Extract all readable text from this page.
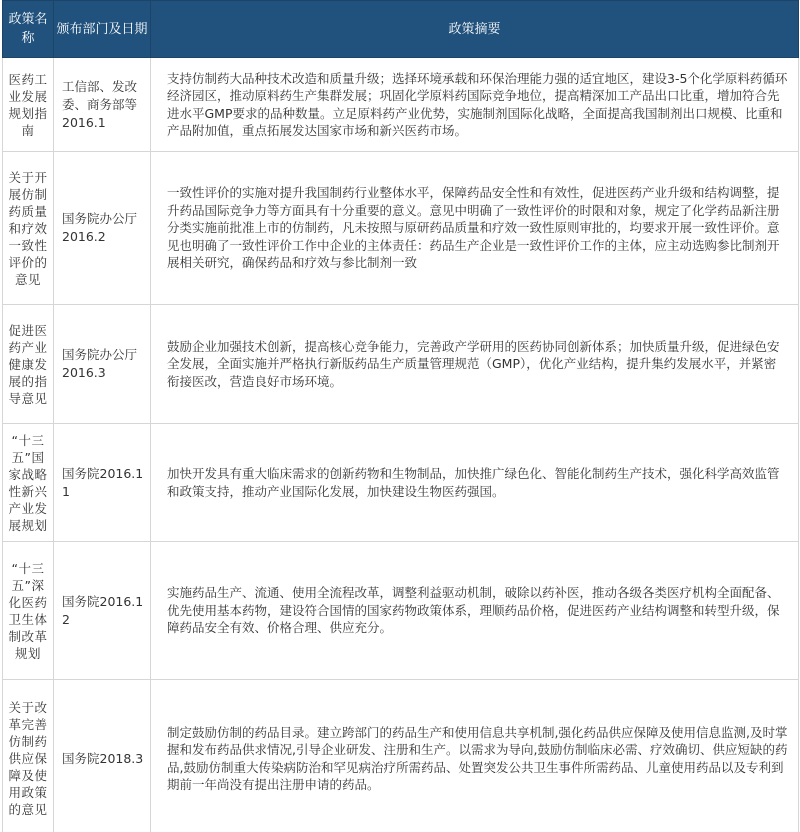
政策名称	颁布部门及日期	政策摘要
医药工业发展规划指南	工信部、发改委、商务部等2016.1	支持仿制药大品种技术改造和质量升级；选择环境承载和环保治理能力强的适宜地区，建设3-5个化学原料药循环经济园区，推动原料药生产集群发展；巩固化学原料药国际竞争地位，提高精深加工产品出口比重，增加符合先进水平GMP要求的品种数量。立足原料药产业优势，实施制剂国际化战略，全面提高我国制剂出口规模、比重和产品附加值，重点拓展发达国家市场和新兴医药市场。
关于开展仿制药质量和疗效一致性评价的意见	国务院办公厅2016.2	一致性评价的实施对提升我国制药行业整体水平，保障药品安全性和有效性，促进医药产业升级和结构调整，提升药品国际竞争力等方面具有十分重要的意义。意见中明确了一致性评价的时限和对象，规定了化学药品新注册分类实施前批准上市的仿制药，凡未按照与原研药品质量和疗效一致性原则审批的，均要求开展一致性评价。意见也明确了一致性评价工作中企业的主体责任：药品生产企业是一致性评价工作的主体，应主动选购参比制剂开展相关研究，确保药品和疗效与参比制剂一致
促进医药产业健康发展的指导意见	国务院办公厅2016.3	鼓励企业加强技术创新，提高核心竞争能力，完善政产学研用的医药协同创新体系；加快质量升级，促进绿色安全发展，全面实施并严格执行新版药品生产质量管理规范（GMP），优化产业结构，提升集约发展水平，并紧密衔接医改，营造良好市场环境。
“十三五”国家战略性新兴产业发展规划	国务院2016.11	加快开发具有重大临床需求的创新药物和生物制品，加快推广绿色化、智能化制药生产技术，强化科学高效监管和政策支持，推动产业国际化发展，加快建设生物医药强国。
“十三五”深化医药卫生体制改革规划	国务院2016.12	实施药品生产、流通、使用全流程改革，调整利益驱动机制，破除以药补医，推动各级各类医疗机构全面配备、优先使用基本药物，建设符合国情的国家药物政策体系，理顺药品价格，促进医药产业结构调整和转型升级，保障药品安全有效、价格合理、供应充分。
关于改革完善仿制药供应保障及使用政策的意见	国务院2018.3	制定鼓励仿制的药品目录。建立跨部门的药品生产和使用信息共享机制,强化药品供应保障及使用信息监测,及时掌握和发布药品供求情况,引导企业研发、注册和生产。以需求为导向,鼓励仿制临床必需、疗效确切、供应短缺的药品,鼓励仿制重大传染病防治和罕见病治疗所需药品、处置突发公共卫生事件所需药品、儿童使用药品以及专利到期前一年尚没有提出注册申请的药品。
